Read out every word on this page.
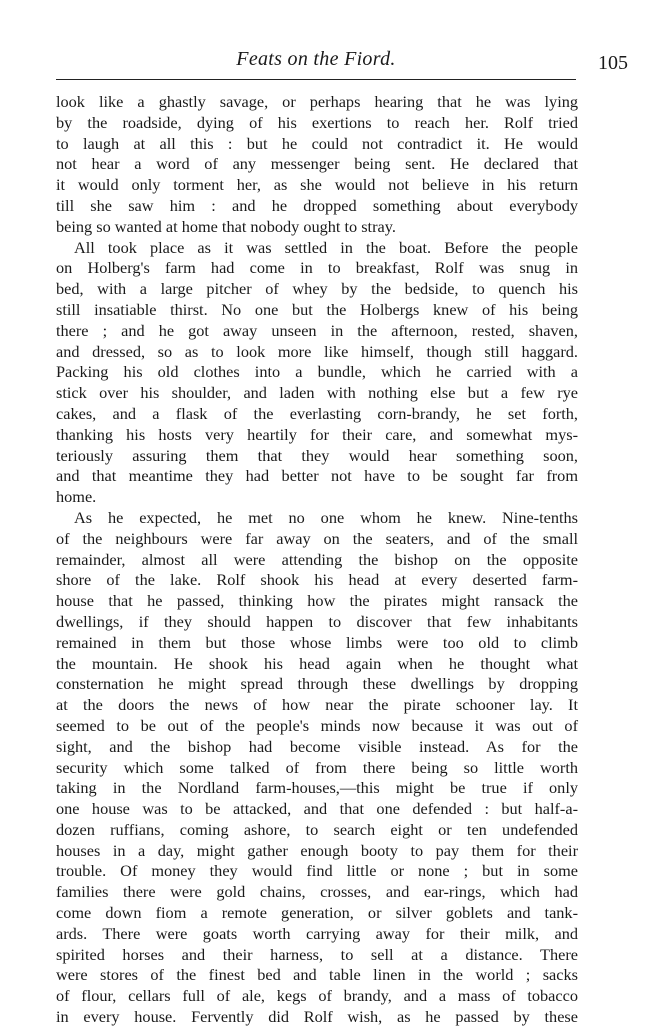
Feats on the Fiord.	105
look like a ghastly savage, or perhaps hearing that he was lying
by the roadside, dying of his exertions to reach her. Rolf tried
to laugh at all this : but he could not contradict it. He would
not hear a word of any messenger being sent. He declared that
it would only torment her, as she would not believe in his return
till she saw him : and he dropped something about everybody
being so wanted at home that nobody ought to stray.
All took place as it was settled in the boat. Before the people
on Holberg's farm had come in to breakfast, Rolf was snug in
bed, with a large pitcher of whey by the bedside, to quench his
still insatiable thirst. No one but the Holbergs knew of his being
there ; and he got away unseen in the afternoon, rested, shaven,
and dressed, so as to look more like himself, though still haggard.
Packing his old clothes into a bundle, which he carried with a
stick over his shoulder, and laden with nothing else but a few rye
cakes, and a flask of the everlasting corn-brandy, he set forth,
thanking his hosts very heartily for their care, and somewhat mys-
teriously assuring them that they would hear something soon,
and that meantime they had better not have to be sought far from
home.
As he expected, he met no one whom he knew. Nine-tenths
of the neighbours were far away on the seaters, and of the small
remainder, almost all were attending the bishop on the opposite
shore of the lake. Rolf shook his head at every deserted farm-
house that he passed, thinking how the pirates might ransack the
dwellings, if they should happen to discover that few inhabitants
remained in them but those whose limbs were too old to climb
the mountain. He shook his head again when he thought what
consternation he might spread through these dwellings by dropping
at the doors the news of how near the pirate schooner lay. It
seemed to be out of the people's minds now because it was out of
sight, and the bishop had become visible instead. As for the
security which some talked of from there being so little worth
taking in the Nordland farm-houses,—this might be true if only
one house was to be attacked, and that one defended : but half-a-
dozen ruffians, coming ashore, to search eight or ten undefended
houses in a day, might gather enough booty to pay them for their
trouble. Of money they would find little or none ; but in some
families there were gold chains, crosses, and ear-rings, which had
come down fiom a remote generation, or silver goblets and tank-
ards. There were goats worth carrying away for their milk, and
spirited horses and their harness, to sell at a distance. There
were stores of the finest bed and table linen in the world ; sacks
of flour, cellars full of ale, kegs of brandy, and a mass of tobacco
in every house. Fervently did Rolf wish, as he passed by these
